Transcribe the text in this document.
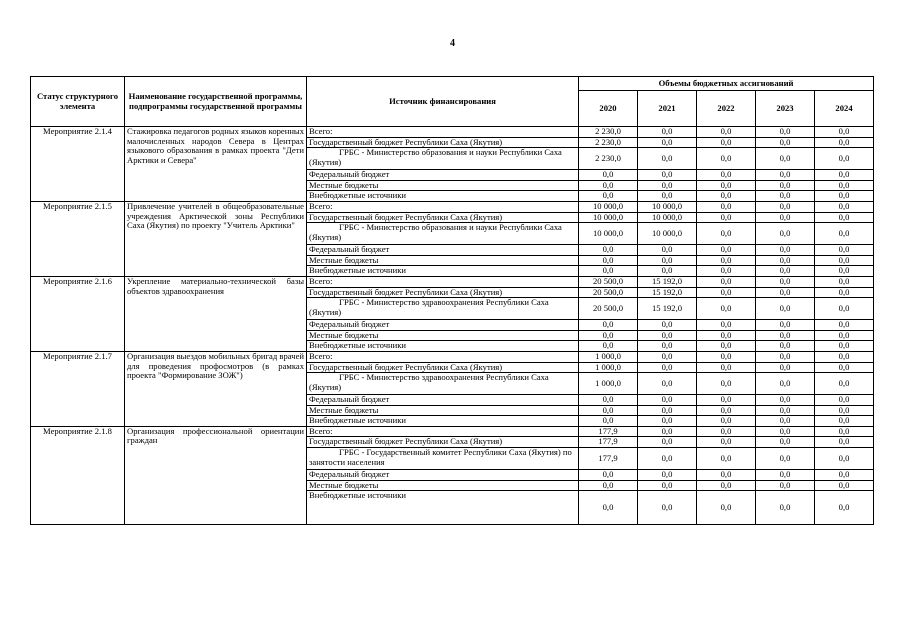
4
Статус структурного элемента	Наименование государственной программы, подпрограммы государственной программы	Источник финансирования	Объемы бюджетных ассигнований				
			2020	2021	2022	2023	2024
Мероприятие 2.1.4	Стажировка педагогов родных языков коренных малочисленных народов Севера в Центрах языкового образования в рамках проекта "Дети Арктики и Севера"	Всего:	2 230,0	0,0	0,0	0,0	0,0
		Государственный бюджет Республики Саха (Якутия)	2 230,0	0,0	0,0	0,0	0,0

		ГРБС - Министерство образования и науки Республики Саха (Якутия)	2 230,0	0,0	0,0	0,0	0,0
		Федеральный бюджет	0,0	0,0	0,0	0,0	0,0
		Местные бюджеты	0,0	0,0	0,0	0,0	0,0
		Внебюджетные источники	0,0	0,0	0,0	0,0	0,0
Мероприятие 2.1.5	Привлечение учителей в общеобразовательные учреждения Арктической зоны Республики Саха (Якутия) по проекту "Учитель Арктики"	Всего:	10 000,0	10 000,0	0,0	0,0	0,0
		Государственный бюджет Республики Саха (Якутия)	10 000,0	10 000,0	0,0	0,0	0,0

		ГРБС - Министерство образования и науки Республики Саха (Якутия)	10 000,0	10 000,0	0,0	0,0	0,0
		Федеральный бюджет	0,0	0,0	0,0	0,0	0,0
		Местные бюджеты	0,0	0,0	0,0	0,0	0,0
		Внебюджетные источники	0,0	0,0	0,0	0,0	0,0
Мероприятие 2.1.6	Укрепление материально-технической базы объектов здравоохранения	Всего:	20 500,0	15 192,0	0,0	0,0	0,0
		Государственный бюджет Республики Саха (Якутия)	20 500,0	15 192,0	0,0	0,0	0,0

		ГРБС - Министерство здравоохранения Республики Саха (Якутия)	20 500,0	15 192,0	0,0	0,0	0,0
		Федеральный бюджет	0,0	0,0	0,0	0,0	0,0
		Местные бюджеты	0,0	0,0	0,0	0,0	0,0
		Внебюджетные источники	0,0	0,0	0,0	0,0	0,0
Мероприятие 2.1.7	Организация выездов мобильных бригад врачей для проведения профосмотров (в рамках проекта "Формирование ЗОЖ")	Всего:	1 000,0	0,0	0,0	0,0	0,0
		Государственный бюджет Республики Саха (Якутия)	1 000,0	0,0	0,0	0,0	0,0

		ГРБС - Министерство здравоохранения Республики Саха (Якутия)	1 000,0	0,0	0,0	0,0	0,0
		Федеральный бюджет	0,0	0,0	0,0	0,0	0,0
		Местные бюджеты	0,0	0,0	0,0	0,0	0,0
		Внебюджетные источники	0,0	0,0	0,0	0,0	0,0
Мероприятие 2.1.8	Организация профессиональной ориентации граждан	Всего:	177,9	0,0	0,0	0,0	0,0
		Государственный бюджет Республики Саха (Якутия)	177,9	0,0	0,0	0,0	0,0

		ГРБС - Государственный комитет Республики Саха (Якутия) по занятости населения	177,9	0,0	0,0	0,0	0,0
		Федеральный бюджет	0,0	0,0	0,0	0,0	0,0
		Местные бюджеты	0,0	0,0	0,0	0,0	0,0
		Внебюджетные источники	0,0	0,0	0,0	0,0	0,0
